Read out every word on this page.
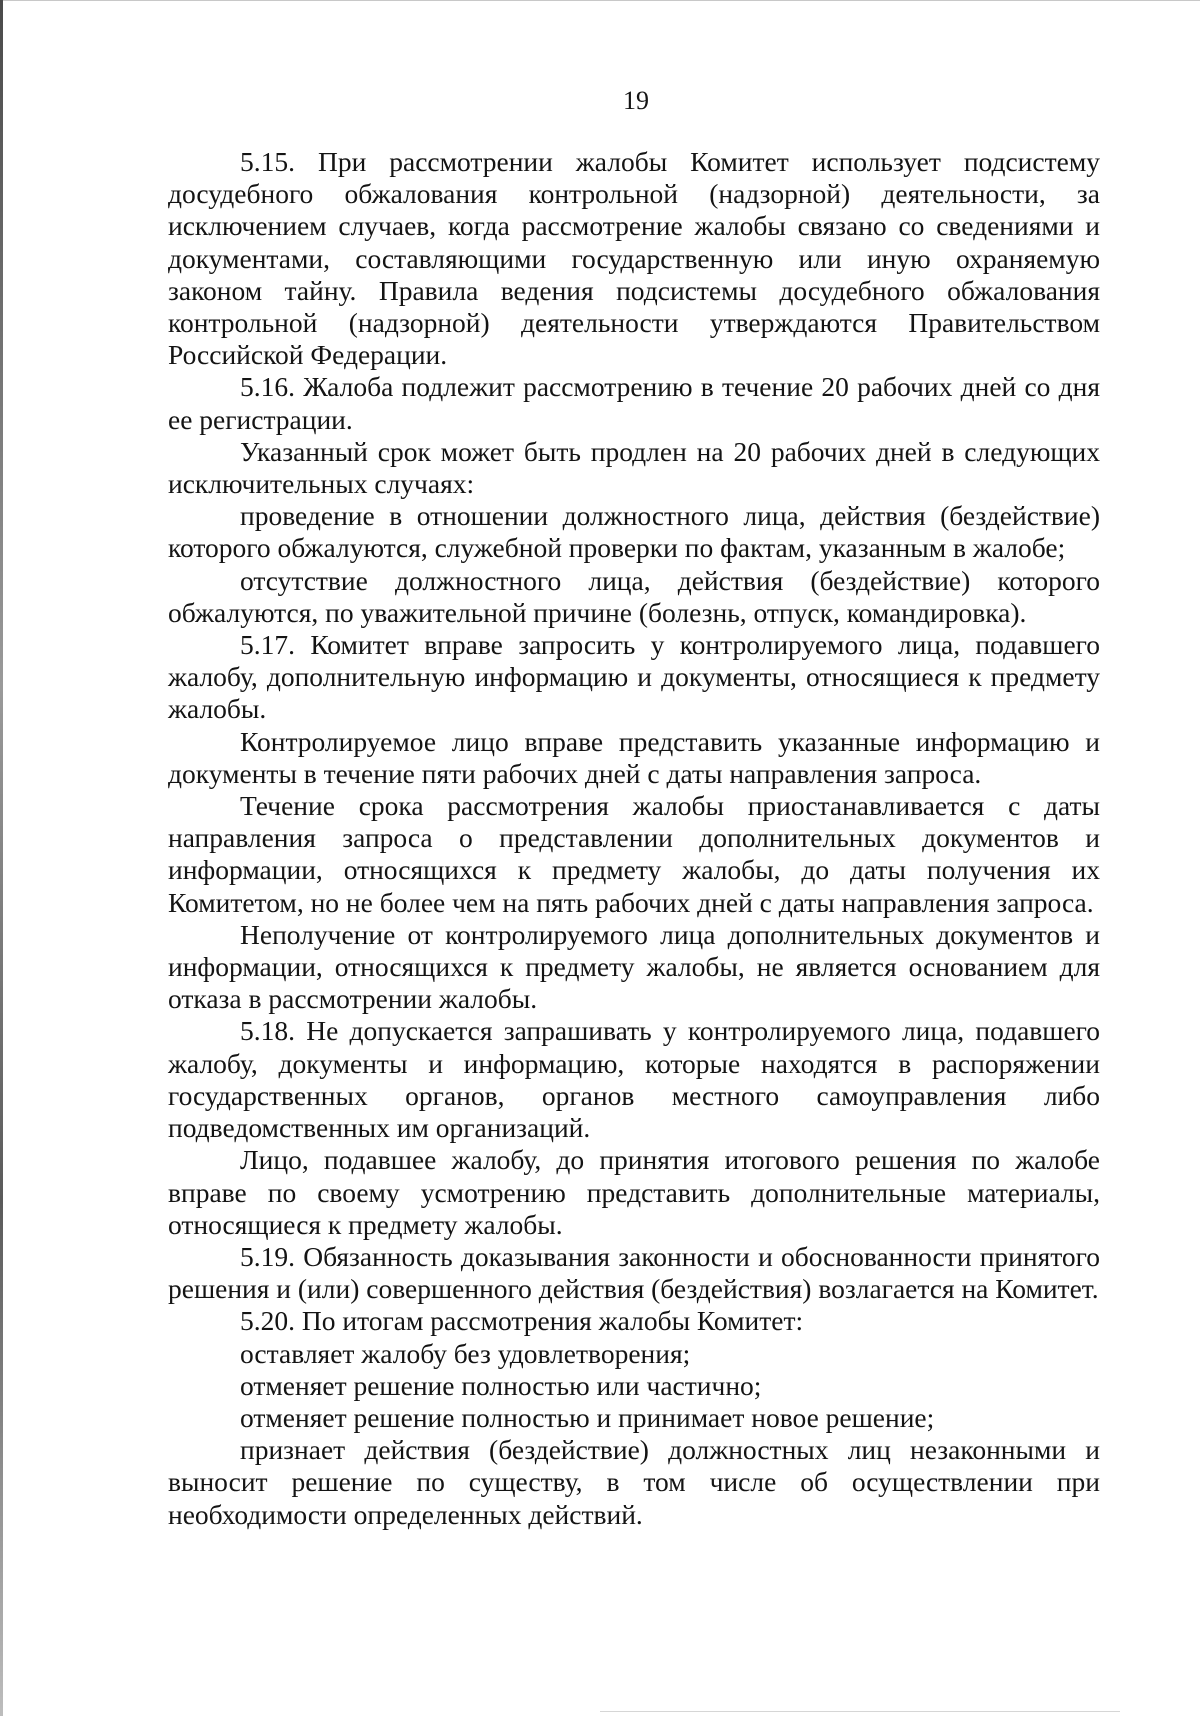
19

5.15. При рассмотрении жалобы Комитет использует подсистему досудебного обжалования контрольной (надзорной) деятельности, за исключением случаев, когда рассмотрение жалобы связано со сведениями и документами, составляющими государственную или иную охраняемую законом тайну. Правила ведения подсистемы досудебного обжалования контрольной (надзорной) деятельности утверждаются Правительством Российской Федерации.

5.16. Жалоба подлежит рассмотрению в течение 20 рабочих дней со дня ее регистрации.

Указанный срок может быть продлен на 20 рабочих дней в следующих исключительных случаях:

проведение в отношении должностного лица, действия (бездействие) которого обжалуются, служебной проверки по фактам, указанным в жалобе;

отсутствие должностного лица, действия (бездействие) которого обжалуются, по уважительной причине (болезнь, отпуск, командировка).

5.17. Комитет вправе запросить у контролируемого лица, подавшего жалобу, дополнительную информацию и документы, относящиеся к предмету жалобы.

Контролируемое лицо вправе представить указанные информацию и документы в течение пяти рабочих дней с даты направления запроса.

Течение срока рассмотрения жалобы приостанавливается с даты направления запроса о представлении дополнительных документов и информации, относящихся к предмету жалобы, до даты получения их Комитетом, но не более чем на пять рабочих дней с даты направления запроса.

Неполучение от контролируемого лица дополнительных документов и информации, относящихся к предмету жалобы, не является основанием для отказа в рассмотрении жалобы.

5.18. Не допускается запрашивать у контролируемого лица, подавшего жалобу, документы и информацию, которые находятся в распоряжении государственных органов, органов местного самоуправления либо подведомственных им организаций.

Лицо, подавшее жалобу, до принятия итогового решения по жалобе вправе по своему усмотрению представить дополнительные материалы, относящиеся к предмету жалобы.

5.19. Обязанность доказывания законности и обоснованности принятого решения и (или) совершенного действия (бездействия) возлагается на Комитет.

5.20. По итогам рассмотрения жалобы Комитет:

оставляет жалобу без удовлетворения;

отменяет решение полностью или частично;

отменяет решение полностью и принимает новое решение;

признает действия (бездействие) должностных лиц незаконными и выносит решение по существу, в том числе об осуществлении при необходимости определенных действий.
